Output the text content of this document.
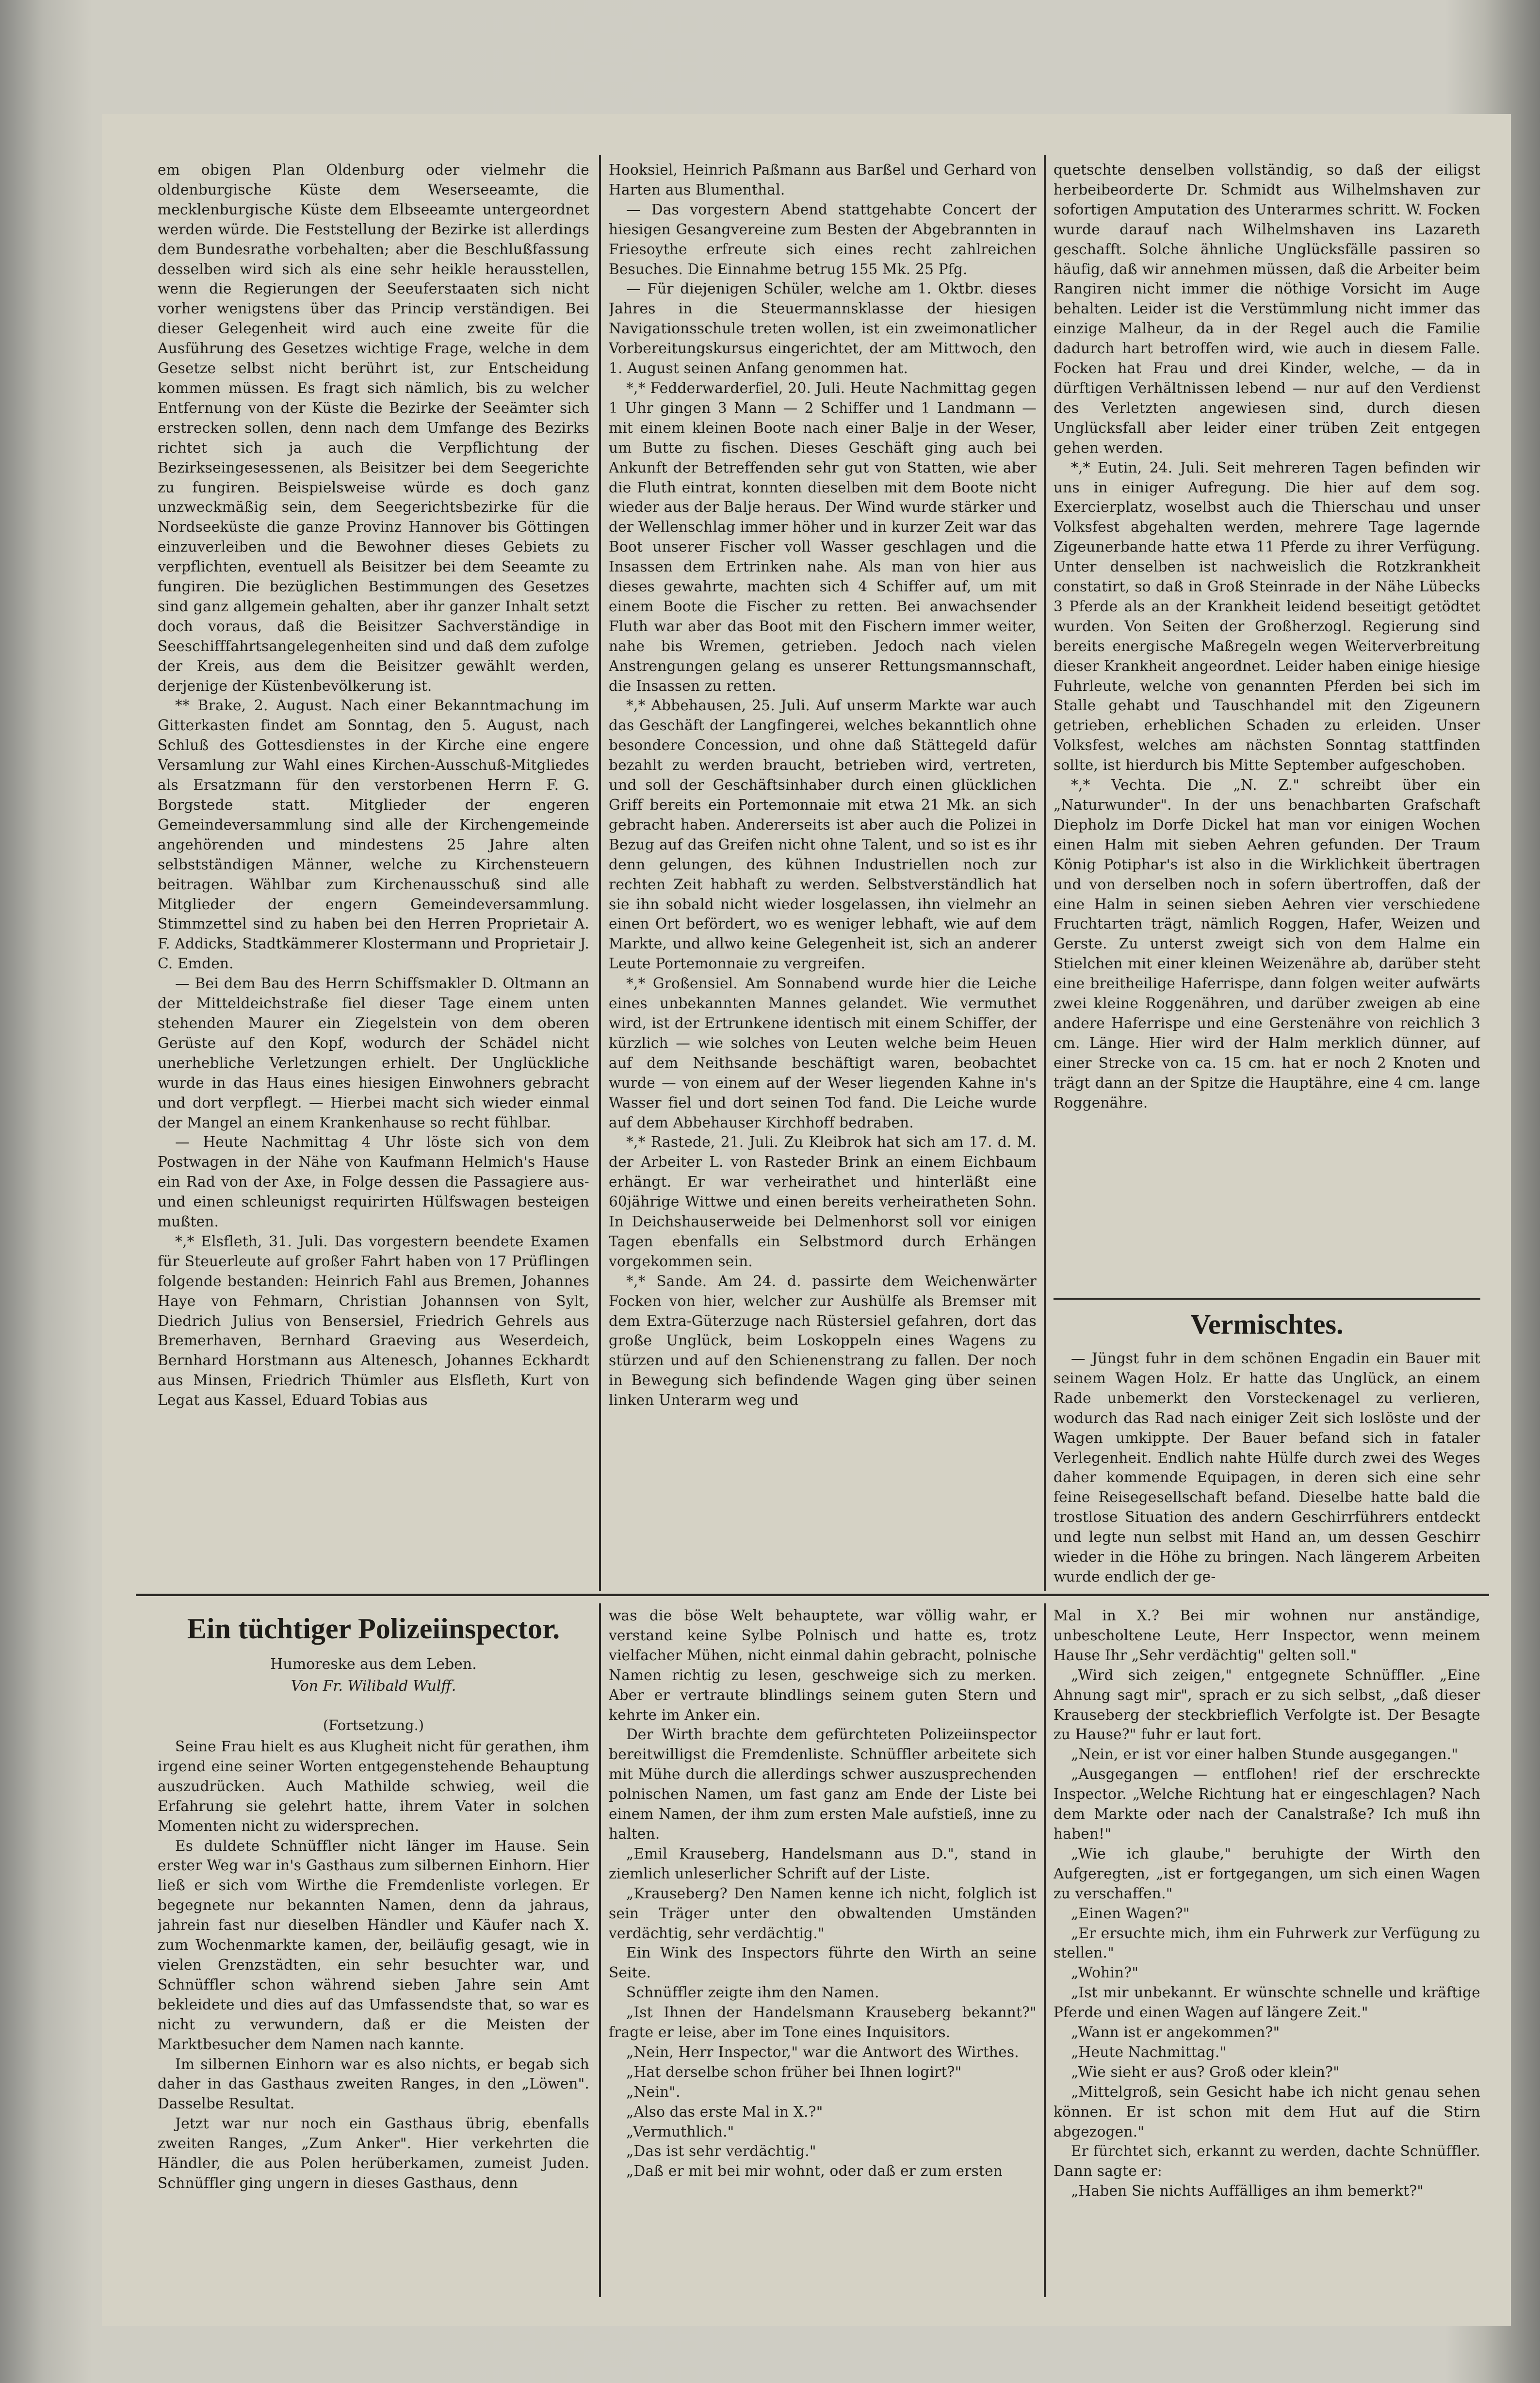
em obigen Plan Oldenburg oder vielmehr die oldenburgische Küste dem Weserseeamte, die mecklenburgische Küste dem Elbseeamte untergeordnet werden würde. Die Feststellung der Bezirke ist allerdings dem Bundesrathe vorbehalten; aber die Beschlußfassung desselben wird sich als eine sehr heikle herausstellen, wenn die Regierungen der Seeuferstaaten sich nicht vorher wenigstens über das Princip verständigen. Bei dieser Gelegenheit wird auch eine zweite für die Ausführung des Gesetzes wichtige Frage, welche in dem Gesetze selbst nicht berührt ist, zur Entscheidung kommen müssen. Es fragt sich nämlich, bis zu welcher Entfernung von der Küste die Bezirke der Seeämter sich erstrecken sollen, denn nach dem Umfange des Bezirks richtet sich ja auch die Verpflichtung der Bezirkseingesessenen, als Beisitzer bei dem Seegerichte zu fungiren. Beispielsweise würde es doch ganz unzweckmäßig sein, dem Seegerichtsbezirke für die Nordseeküste die ganze Provinz Hannover bis Göttingen einzuverleiben und die Bewohner dieses Gebiets zu verpflichten, eventuell als Beisitzer bei dem Seeamte zu fungiren. Die bezüglichen Bestimmungen des Gesetzes sind ganz allgemein gehalten, aber ihr ganzer Inhalt setzt doch voraus, daß die Beisitzer Sachverständige in Seeschifffahrtsangelegenheiten sind und daß dem zufolge der Kreis, aus dem die Beisitzer gewählt werden, derjenige der Küstenbevölkerung ist.

** Brake, 2. August. Nach einer Bekanntmachung im Gitterkasten findet am Sonntag, den 5. August, nach Schluß des Gottesdienstes in der Kirche eine engere Versamlung zur Wahl eines Kirchen-Ausschuß-Mitgliedes als Ersatzmann für den verstorbenen Herrn F. G. Borgstede statt. Mitglieder der engeren Gemeindeversammlung sind alle der Kirchengemeinde angehörenden und mindestens 25 Jahre alten selbstständigen Männer, welche zu Kirchensteuern beitragen. Wählbar zum Kirchenausschuß sind alle Mitglieder der engern Gemeindeversammlung. Stimmzettel sind zu haben bei den Herren Proprietair A. F. Addicks, Stadtkämmerer Klostermann und Proprietair J. C. Emden.

— Bei dem Bau des Herrn Schiffsmakler D. Oltmann an der Mitteldeichstraße fiel dieser Tage einem unten stehenden Maurer ein Ziegelstein von dem oberen Gerüste auf den Kopf, wodurch der Schädel nicht unerhebliche Verletzungen erhielt. Der Unglückliche wurde in das Haus eines hiesigen Einwohners gebracht und dort verpflegt. — Hierbei macht sich wieder einmal der Mangel an einem Krankenhause so recht fühlbar.

— Heute Nachmittag 4 Uhr löste sich von dem Postwagen in der Nähe von Kaufmann Helmich's Hause ein Rad von der Axe, in Folge dessen die Passagiere aus- und einen schleunigst requirirten Hülfswagen besteigen mußten.

*,* Elsfleth, 31. Juli. Das vorgestern beendete Examen für Steuerleute auf großer Fahrt haben von 17 Prüflingen folgende bestanden: Heinrich Fahl aus Bremen, Johannes Haye von Fehmarn, Christian Johannsen von Sylt, Diedrich Julius von Bensersiel, Friedrich Gehrels aus Bremerhaven, Bernhard Graeving aus Weserdeich, Bernhard Horstmann aus Altenesch, Johannes Eckhardt aus Minsen, Friedrich Thümler aus Elsfleth, Kurt von Legat aus Kassel, Eduard Tobias aus

Hooksiel, Heinrich Paßmann aus Barßel und Gerhard von Harten aus Blumenthal.

— Das vorgestern Abend stattgehabte Concert der hiesigen Gesangvereine zum Besten der Abgebrannten in Friesoythe erfreute sich eines recht zahlreichen Besuches. Die Einnahme betrug 155 Mk. 25 Pfg.

— Für diejenigen Schüler, welche am 1. Oktbr. dieses Jahres in die Steuermannsklasse der hiesigen Navigationsschule treten wollen, ist ein zweimonatlicher Vorbereitungskursus eingerichtet, der am Mittwoch, den 1. August seinen Anfang genommen hat.

*,* Fedderwarderfiel, 20. Juli. Heute Nachmittag gegen 1 Uhr gingen 3 Mann — 2 Schiffer und 1 Landmann — mit einem kleinen Boote nach einer Balje in der Weser, um Butte zu fischen. Dieses Geschäft ging auch bei Ankunft der Betreffenden sehr gut von Statten, wie aber die Fluth eintrat, konnten dieselben mit dem Boote nicht wieder aus der Balje heraus. Der Wind wurde stärker und der Wellenschlag immer höher und in kurzer Zeit war das Boot unserer Fischer voll Wasser geschlagen und die Insassen dem Ertrinken nahe. Als man von hier aus dieses gewahrte, machten sich 4 Schiffer auf, um mit einem Boote die Fischer zu retten. Bei anwachsender Fluth war aber das Boot mit den Fischern immer weiter, nahe bis Wremen, getrieben. Jedoch nach vielen Anstrengungen gelang es unserer Rettungsmannschaft, die Insassen zu retten.

*,* Abbehausen, 25. Juli. Auf unserm Markte war auch das Geschäft der Langfingerei, welches bekanntlich ohne besondere Concession, und ohne daß Stättegeld dafür bezahlt zu werden braucht, betrieben wird, vertreten, und soll der Geschäftsinhaber durch einen glücklichen Griff bereits ein Portemonnaie mit etwa 21 Mk. an sich gebracht haben. Andererseits ist aber auch die Polizei in Bezug auf das Greifen nicht ohne Talent, und so ist es ihr denn gelungen, des kühnen Industriellen noch zur rechten Zeit habhaft zu werden. Selbstverständlich hat sie ihn sobald nicht wieder losgelassen, ihn vielmehr an einen Ort befördert, wo es weniger lebhaft, wie auf dem Markte, und allwo keine Gelegenheit ist, sich an anderer Leute Portemonnaie zu vergreifen.

*,* Großensiel. Am Sonnabend wurde hier die Leiche eines unbekannten Mannes gelandet. Wie vermuthet wird, ist der Ertrunkene identisch mit einem Schiffer, der kürzlich — wie solches von Leuten welche beim Heuen auf dem Neithsande beschäftigt waren, beobachtet wurde — von einem auf der Weser liegenden Kahne in's Wasser fiel und dort seinen Tod fand. Die Leiche wurde auf dem Abbehauser Kirchhoff bedraben.

*,* Rastede, 21. Juli. Zu Kleibrok hat sich am 17. d. M. der Arbeiter L. von Rasteder Brink an einem Eichbaum erhängt. Er war verheirathet und hinterläßt eine 60jährige Wittwe und einen bereits verheiratheten Sohn. In Deichshauserweide bei Delmenhorst soll vor einigen Tagen ebenfalls ein Selbstmord durch Erhängen vorgekommen sein.

*,* Sande. Am 24. d. passirte dem Weichenwärter Focken von hier, welcher zur Aushülfe als Bremser mit dem Extra-Güterzuge nach Rüstersiel gefahren, dort das große Unglück, beim Loskoppeln eines Wagens zu stürzen und auf den Schienenstrang zu fallen. Der noch in Bewegung sich befindende Wagen ging über seinen linken Unterarm weg und

quetschte denselben vollständig, so daß der eiligst herbeibeorderte Dr. Schmidt aus Wilhelmshaven zur sofortigen Amputation des Unterarmes schritt. W. Focken wurde darauf nach Wilhelmshaven ins Lazareth geschafft. Solche ähnliche Unglücksfälle passiren so häufig, daß wir annehmen müssen, daß die Arbeiter beim Rangiren nicht immer die nöthige Vorsicht im Auge behalten. Leider ist die Verstümmlung nicht immer das einzige Malheur, da in der Regel auch die Familie dadurch hart betroffen wird, wie auch in diesem Falle. Focken hat Frau und drei Kinder, welche, — da in dürftigen Verhältnissen lebend — nur auf den Verdienst des Verletzten angewiesen sind, durch diesen Unglücksfall aber leider einer trüben Zeit entgegen gehen werden.

*,* Eutin, 24. Juli. Seit mehreren Tagen befinden wir uns in einiger Aufregung. Die hier auf dem sog. Exercierplatz, woselbst auch die Thierschau und unser Volksfest abgehalten werden, mehrere Tage lagernde Zigeunerbande hatte etwa 11 Pferde zu ihrer Verfügung. Unter denselben ist nachweislich die Rotzkrankheit constatirt, so daß in Groß Steinrade in der Nähe Lübecks 3 Pferde als an der Krankheit leidend beseitigt getödtet wurden. Von Seiten der Großherzogl. Regierung sind bereits energische Maßregeln wegen Weiterverbreitung dieser Krankheit angeordnet. Leider haben einige hiesige Fuhrleute, welche von genannten Pferden bei sich im Stalle gehabt und Tauschhandel mit den Zigeunern getrieben, erheblichen Schaden zu erleiden. Unser Volksfest, welches am nächsten Sonntag stattfinden sollte, ist hierdurch bis Mitte September aufgeschoben.

*,* Vechta. Die „N. Z." schreibt über ein „Naturwunder". In der uns benachbarten Grafschaft Diepholz im Dorfe Dickel hat man vor einigen Wochen einen Halm mit sieben Aehren gefunden. Der Traum König Potiphar's ist also in die Wirklichkeit übertragen und von derselben noch in sofern übertroffen, daß der eine Halm in seinen sieben Aehren vier verschiedene Fruchtarten trägt, nämlich Roggen, Hafer, Weizen und Gerste. Zu unterst zweigt sich von dem Halme ein Stielchen mit einer kleinen Weizenähre ab, darüber steht eine breitheilige Haferrispe, dann folgen weiter aufwärts zwei kleine Roggenähren, und darüber zweigen ab eine andere Haferrispe und eine Gerstenähre von reichlich 3 cm. Länge. Hier wird der Halm merklich dünner, auf einer Strecke von ca. 15 cm. hat er noch 2 Knoten und trägt dann an der Spitze die Hauptähre, eine 4 cm. lange Roggenähre.

Vermischtes.

— Jüngst fuhr in dem schönen Engadin ein Bauer mit seinem Wagen Holz. Er hatte das Unglück, an einem Rade unbemerkt den Vorsteckenagel zu verlieren, wodurch das Rad nach einiger Zeit sich loslöste und der Wagen umkippte. Der Bauer befand sich in fataler Verlegenheit. Endlich nahte Hülfe durch zwei des Weges daher kommende Equipagen, in deren sich eine sehr feine Reisegesellschaft befand. Dieselbe hatte bald die trostlose Situation des andern Geschirrführers entdeckt und legte nun selbst mit Hand an, um dessen Geschirr wieder in die Höhe zu bringen. Nach längerem Arbeiten wurde endlich der ge-

Ein tüchtiger Polizeiinspector.
Humoreske aus dem Leben.
Von Fr. Wilibald Wulff.
(Fortsetzung.)

Seine Frau hielt es aus Klugheit nicht für gerathen, ihm irgend eine seiner Worten entgegenstehende Behauptung auszudrücken. Auch Mathilde schwieg, weil die Erfahrung sie gelehrt hatte, ihrem Vater in solchen Momenten nicht zu widersprechen.

Es duldete Schnüffler nicht länger im Hause. Sein erster Weg war in's Gasthaus zum silbernen Einhorn. Hier ließ er sich vom Wirthe die Fremdenliste vorlegen. Er begegnete nur bekannten Namen, denn da jahraus, jahrein fast nur dieselben Händler und Käufer nach X. zum Wochenmarkte kamen, der, beiläufig gesagt, wie in vielen Grenzstädten, ein sehr besuchter war, und Schnüffler schon während sieben Jahre sein Amt bekleidete und dies auf das Umfassendste that, so war es nicht zu verwundern, daß er die Meisten der Marktbesucher dem Namen nach kannte.

Im silbernen Einhorn war es also nichts, er begab sich daher in das Gasthaus zweiten Ranges, in den „Löwen". Dasselbe Resultat.

Jetzt war nur noch ein Gasthaus übrig, ebenfalls zweiten Ranges, „Zum Anker". Hier verkehrten die Händler, die aus Polen herüberkamen, zumeist Juden. Schnüffler ging ungern in dieses Gasthaus, denn

was die böse Welt behauptete, war völlig wahr, er verstand keine Sylbe Polnisch und hatte es, trotz vielfacher Mühen, nicht einmal dahin gebracht, polnische Namen richtig zu lesen, geschweige sich zu merken. Aber er vertraute blindlings seinem guten Stern und kehrte im Anker ein.

Der Wirth brachte dem gefürchteten Polizeiinspector bereitwilligst die Fremdenliste. Schnüffler arbeitete sich mit Mühe durch die allerdings schwer auszusprechenden polnischen Namen, um fast ganz am Ende der Liste bei einem Namen, der ihm zum ersten Male aufstieß, inne zu halten.

„Emil Krauseberg, Handelsmann aus D.", stand in ziemlich unleserlicher Schrift auf der Liste.

„Krauseberg? Den Namen kenne ich nicht, folglich ist sein Träger unter den obwaltenden Umständen verdächtig, sehr verdächtig."

Ein Wink des Inspectors führte den Wirth an seine Seite.

Schnüffler zeigte ihm den Namen.

„Ist Ihnen der Handelsmann Krauseberg bekannt?" fragte er leise, aber im Tone eines Inquisitors.

„Nein, Herr Inspector," war die Antwort des Wirthes.

„Hat derselbe schon früher bei Ihnen logirt?"

„Nein".

„Also das erste Mal in X.?"

„Vermuthlich."

„Das ist sehr verdächtig."

„Daß er mit bei mir wohnt, oder daß er zum ersten

Mal in X.? Bei mir wohnen nur anständige, unbescholtene Leute, Herr Inspector, wenn meinem Hause Ihr „Sehr verdächtig" gelten soll."

„Wird sich zeigen," entgegnete Schnüffler. „Eine Ahnung sagt mir", sprach er zu sich selbst, „daß dieser Krauseberg der steckbrieflich Verfolgte ist. Der Besagte zu Hause?" fuhr er laut fort.

„Nein, er ist vor einer halben Stunde ausgegangen."

„Ausgegangen — entflohen! rief der erschreckte Inspector. „Welche Richtung hat er eingeschlagen? Nach dem Markte oder nach der Canalstraße? Ich muß ihn haben!"

„Wie ich glaube," beruhigte der Wirth den Aufgeregten, „ist er fortgegangen, um sich einen Wagen zu verschaffen."

„Einen Wagen?"

„Er ersuchte mich, ihm ein Fuhrwerk zur Verfügung zu stellen."

„Wohin?"

„Ist mir unbekannt. Er wünschte schnelle und kräftige Pferde und einen Wagen auf längere Zeit."

„Wann ist er angekommen?"

„Heute Nachmittag."

„Wie sieht er aus? Groß oder klein?"

„Mittelgroß, sein Gesicht habe ich nicht genau sehen können. Er ist schon mit dem Hut auf die Stirn abgezogen."

Er fürchtet sich, erkannt zu werden, dachte Schnüffler. Dann sagte er:

„Haben Sie nichts Auffälliges an ihm bemerkt?"
